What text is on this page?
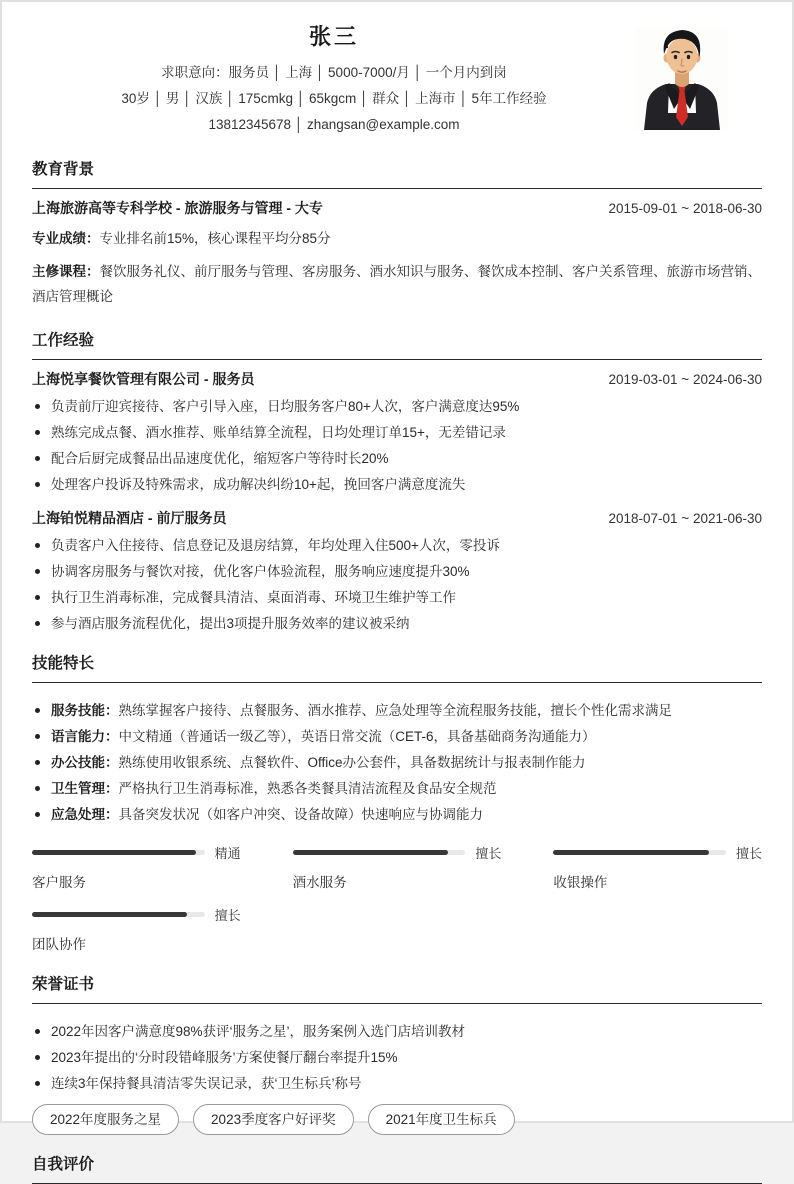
张三

求职意向：服务员 │ 上海 │ 5000-7000/月 │ 一个月内到岗

30岁 │ 男 │ 汉族 │ 175cmkg │ 65kgcm │ 群众 │ 上海市 │ 5年工作经验

13812345678 │ zhangsan@example.com

教育背景
上海旅游高等专科学校 - 旅游服务与管理 - 大专	2015-09-01 ~ 2018-06-30

专业成绩：专业排名前15%，核心课程平均分85分

主修课程：餐饮服务礼仪、前厅服务与管理、客房服务、酒水知识与服务、餐饮成本控制、客户关系管理、旅游市场营销、酒店管理概论

工作经验
上海悦享餐饮管理有限公司 - 服务员	2019-03-01 ~ 2024-06-30
负责前厅迎宾接待、客户引导入座，日均服务客户80+人次，客户满意度达95%
熟练完成点餐、酒水推荐、账单结算全流程，日均处理订单15+，无差错记录
配合后厨完成餐品出品速度优化，缩短客户等待时长20%
处理客户投诉及特殊需求，成功解决纠纷10+起，挽回客户满意度流失
上海铂悦精品酒店 - 前厅服务员	2018-07-01 ~ 2021-06-30
负责客户入住接待、信息登记及退房结算，年均处理入住500+人次，零投诉
协调客房服务与餐饮对接，优化客户体验流程，服务响应速度提升30%
执行卫生消毒标准，完成餐具清洁、桌面消毒、环境卫生维护等工作
参与酒店服务流程优化，提出3项提升服务效率的建议被采纳
技能特长
服务技能：熟练掌握客户接待、点餐服务、酒水推荐、应急处理等全流程服务技能，擅长个性化需求满足
语言能力：中文精通（普通话一级乙等），英语日常交流（CET-6，具备基础商务沟通能力）
办公技能：熟练使用收银系统、点餐软件、Office办公套件，具备数据统计与报表制作能力
卫生管理：严格执行卫生消毒标准，熟悉各类餐具清洁流程及食品安全规范
应急处理：具备突发状况（如客户冲突、设备故障）快速响应与协调能力
精通
客户服务
擅长
酒水服务
擅长
收银操作
擅长
团队协作
荣誉证书
2022年因客户满意度98%获评‘服务之星’，服务案例入选门店培训教材
2023年提出的‘分时段错峰服务’方案使餐厅翻台率提升15%
连续3年保持餐具清洁零失误记录，获‘卫生标兵’称号
2022年度服务之星	2023季度客户好评奖	2021年度卫生标兵
自我评价
